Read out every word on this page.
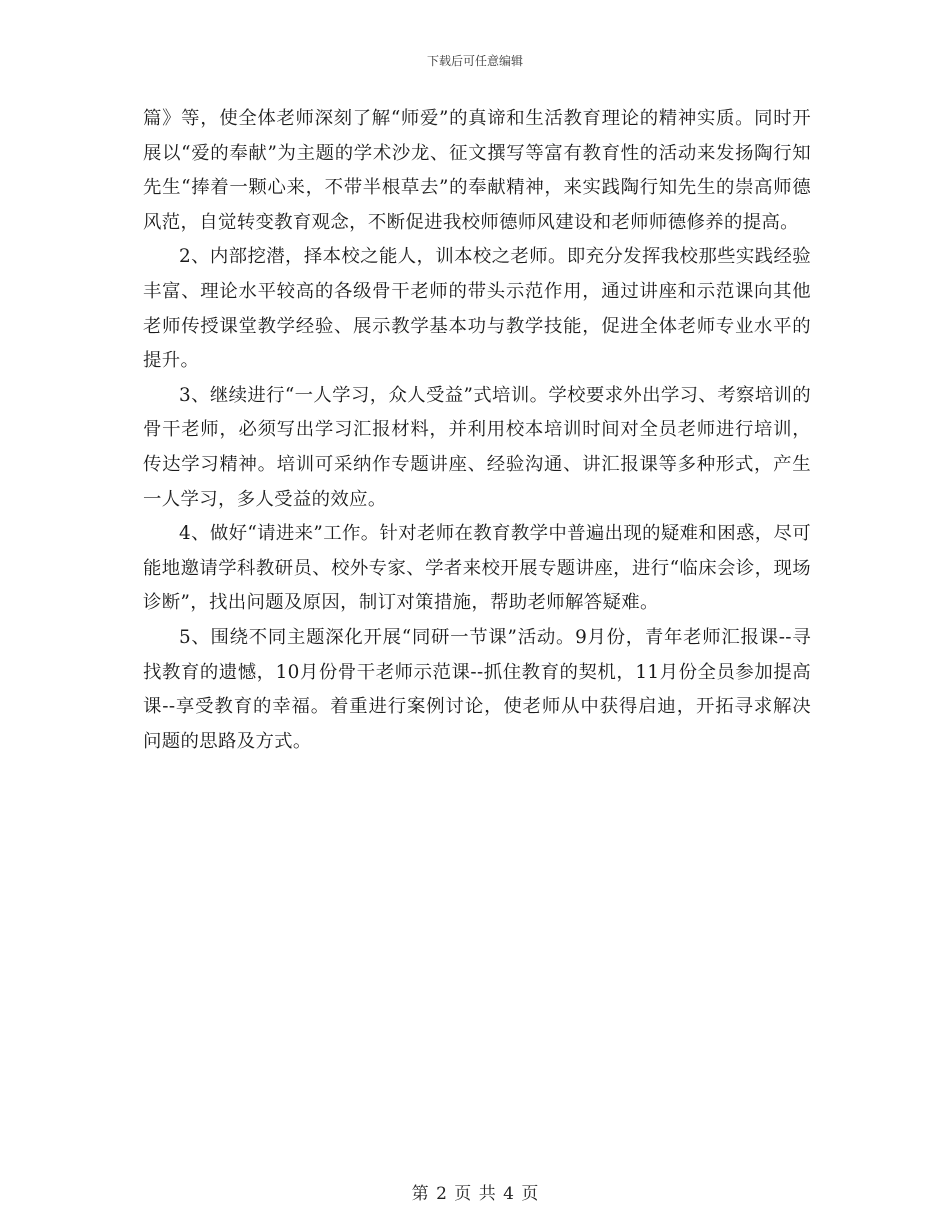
下载后可任意编辑

篇》等，使全体老师深刻了解“师爱”的真谛和生活教育理论的精神实质。同时开展以“爱的奉献”为主题的学术沙龙、征文撰写等富有教育性的活动来发扬陶行知先生“捧着一颗心来，不带半根草去”的奉献精神，来实践陶行知先生的崇高师德风范，自觉转变教育观念，不断促进我校师德师风建设和老师师德修养的提高。

2、内部挖潜，择本校之能人，训本校之老师。即充分发挥我校那些实践经验丰富、理论水平较高的各级骨干老师的带头示范作用，通过讲座和示范课向其他老师传授课堂教学经验、展示教学基本功与教学技能，促进全体老师专业水平的提升。

3、继续进行“一人学习，众人受益”式培训。学校要求外出学习、考察培训的骨干老师，必须写出学习汇报材料，并利用校本培训时间对全员老师进行培训，传达学习精神。培训可采纳作专题讲座、经验沟通、讲汇报课等多种形式，产生一人学习，多人受益的效应。

4、做好“请进来”工作。针对老师在教育教学中普遍出现的疑难和困惑，尽可能地邀请学科教研员、校外专家、学者来校开展专题讲座，进行“临床会诊，现场诊断”，找出问题及原因，制订对策措施，帮助老师解答疑难。

5、围绕不同主题深化开展“同研一节课”活动。9月份，青年老师汇报课--寻找教育的遗憾，10月份骨干老师示范课--抓住教育的契机，11月份全员参加提高课--享受教育的幸福。着重进行案例讨论，使老师从中获得启迪，开拓寻求解决问题的思路及方式。

第 2 页 共 4 页
